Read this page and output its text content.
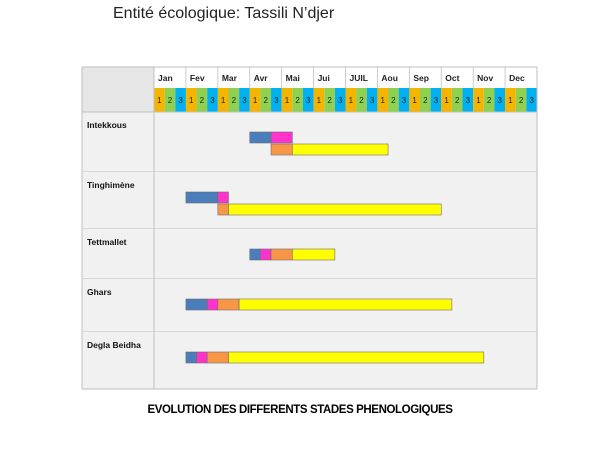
Entité écologique: Tassili N’djer
Jan Fev Mar Avr Mai Jui JUIL Aou Sep Oct Nov Dec
1 2 3 1 2 3 1 2 3 1 2 3 1 2 3 1 2 3 1 2 3 1 2 3 1 2 3 1 2 3 1 2 3 1 2 3
Intekkous
Tinghimène
Tettmallet
Ghars
Degla Beidha
EVOLUTION DES DIFFERENTS STADES PHENOLOGIQUES
